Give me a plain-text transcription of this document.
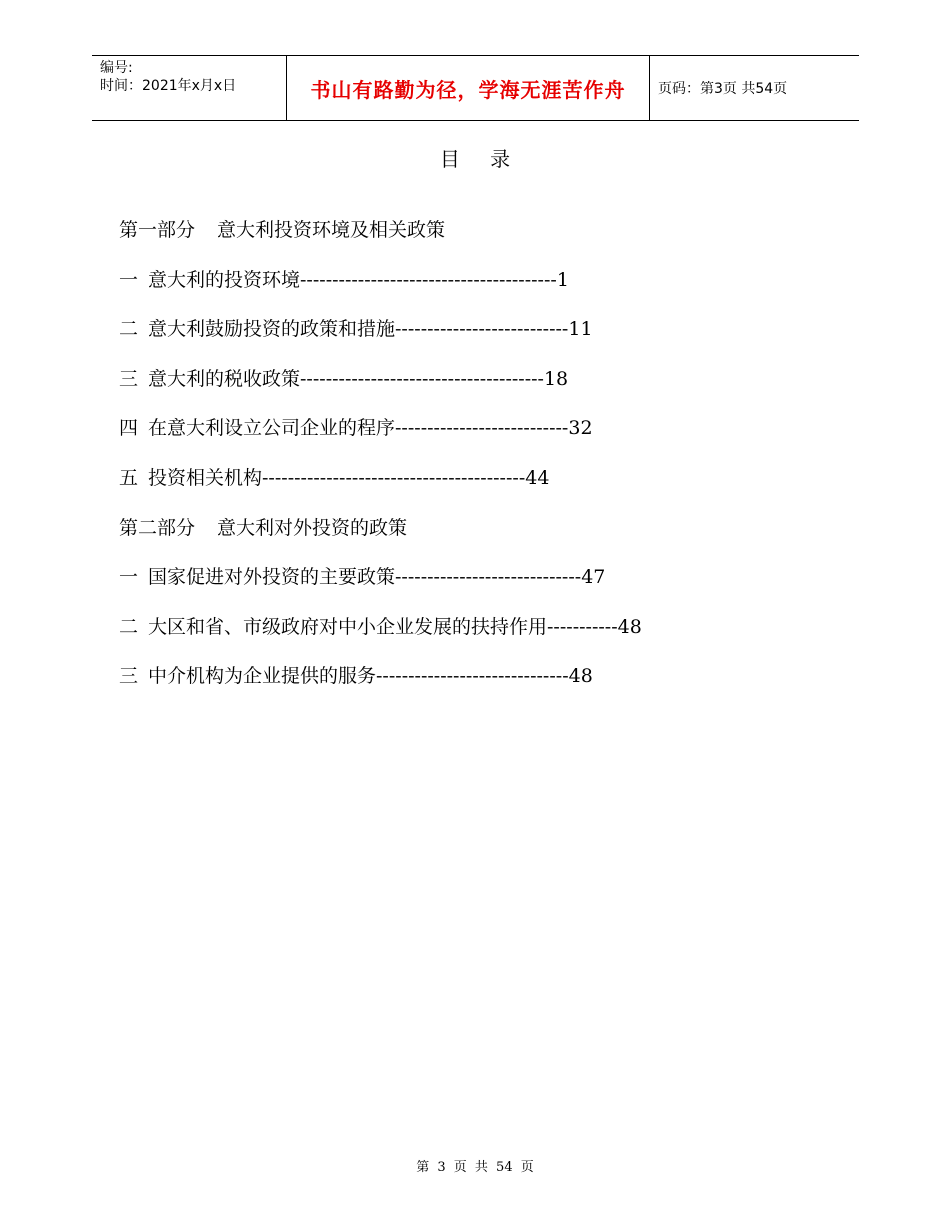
编号:
时间：2021年x月x日	书山有路勤为径，学海无涯苦作舟	页码：第3页 共54页
目 录
第一部分 意大利投资环境及相关政策
一 意大利的投资环境----------------------------------------1
二 意大利鼓励投资的政策和措施---------------------------11
三 意大利的税收政策--------------------------------------18
四 在意大利设立公司企业的程序---------------------------32
五 投资相关机构-----------------------------------------44
第二部分 意大利对外投资的政策
一 国家促进对外投资的主要政策-----------------------------47
二 大区和省、市级政府对中小企业发展的扶持作用-----------48
三 中介机构为企业提供的服务------------------------------48
第 3 页 共 54 页
